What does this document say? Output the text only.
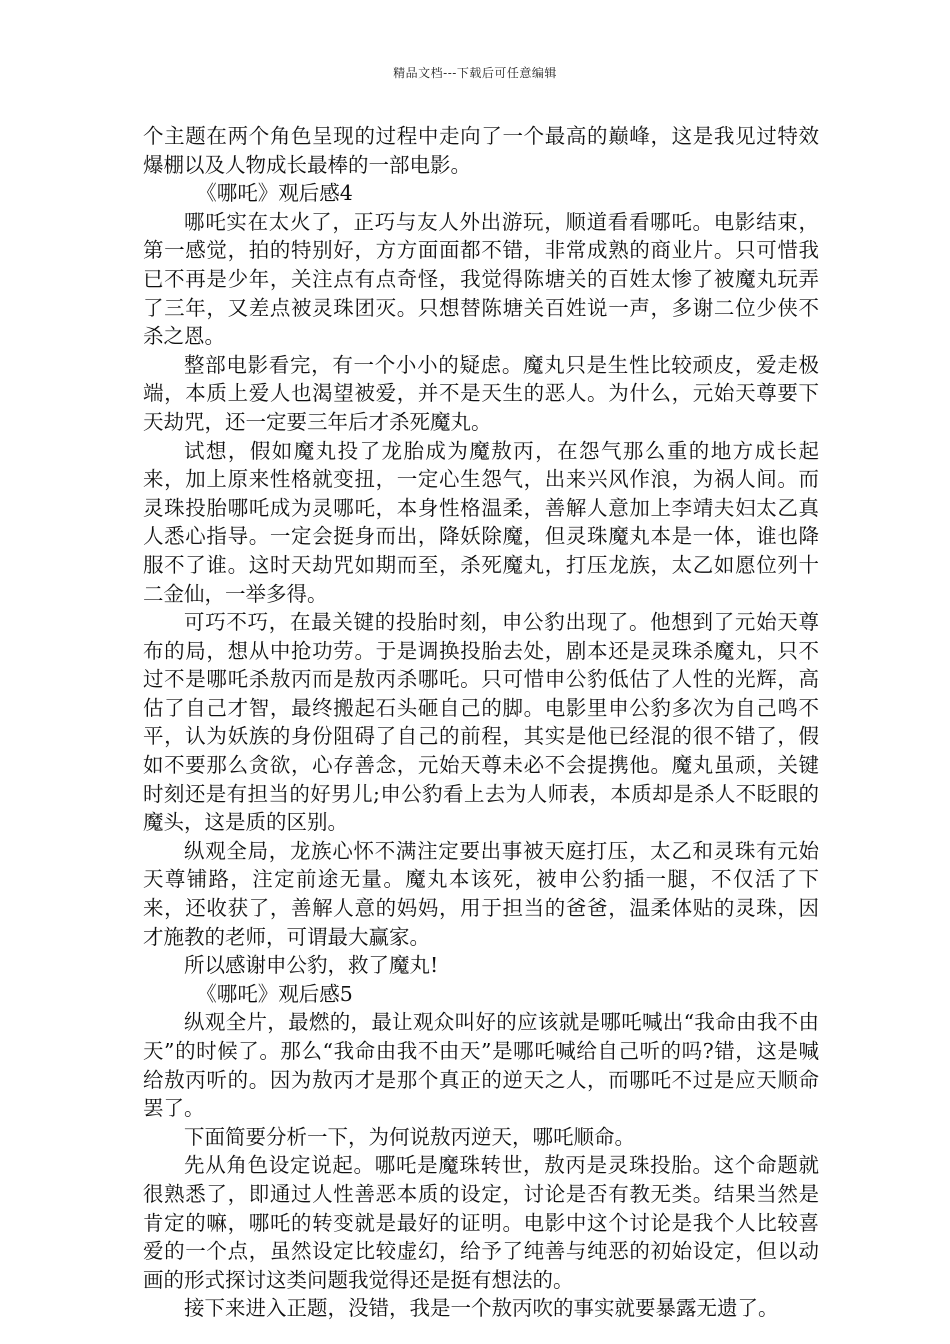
精品文档---下载后可任意编辑

个主题在两个角色呈现的过程中走向了一个最高的巅峰，这是我见过特效爆棚以及人物成长最棒的一部电影。

《哪吒》观后感4

哪吒实在太火了，正巧与友人外出游玩，顺道看看哪吒。电影结束，第一感觉，拍的特别好，方方面面都不错，非常成熟的商业片。只可惜我已不再是少年，关注点有点奇怪，我觉得陈塘关的百姓太惨了被魔丸玩弄了三年，又差点被灵珠团灭。只想替陈塘关百姓说一声，多谢二位少侠不杀之恩。

整部电影看完，有一个小小的疑虑。魔丸只是生性比较顽皮，爱走极端，本质上爱人也渴望被爱，并不是天生的恶人。为什么，元始天尊要下天劫咒，还一定要三年后才杀死魔丸。

试想，假如魔丸投了龙胎成为魔敖丙，在怨气那么重的地方成长起来，加上原来性格就变扭，一定心生怨气，出来兴风作浪，为祸人间。而灵珠投胎哪吒成为灵哪吒，本身性格温柔，善解人意加上李靖夫妇太乙真人悉心指导。一定会挺身而出，降妖除魔，但灵珠魔丸本是一体，谁也降服不了谁。这时天劫咒如期而至，杀死魔丸，打压龙族，太乙如愿位列十二金仙，一举多得。

可巧不巧，在最关键的投胎时刻，申公豹出现了。他想到了元始天尊布的局，想从中抢功劳。于是调换投胎去处，剧本还是灵珠杀魔丸，只不过不是哪吒杀敖丙而是敖丙杀哪吒。只可惜申公豹低估了人性的光辉，高估了自己才智，最终搬起石头砸自己的脚。电影里申公豹多次为自己鸣不平，认为妖族的身份阻碍了自己的前程，其实是他已经混的很不错了，假如不要那么贪欲，心存善念，元始天尊未必不会提携他。魔丸虽顽，关键时刻还是有担当的好男儿;申公豹看上去为人师表，本质却是杀人不眨眼的魔头，这是质的区别。

纵观全局，龙族心怀不满注定要出事被天庭打压，太乙和灵珠有元始天尊铺路，注定前途无量。魔丸本该死，被申公豹插一腿，不仅活了下来，还收获了，善解人意的妈妈，用于担当的爸爸，温柔体贴的灵珠，因才施教的老师，可谓最大赢家。

所以感谢申公豹，救了魔丸!

《哪吒》观后感5

纵观全片，最燃的，最让观众叫好的应该就是哪吒喊出“我命由我不由天”的时候了。那么“我命由我不由天”是哪吒喊给自己听的吗?错，这是喊给敖丙听的。因为敖丙才是那个真正的逆天之人，而哪吒不过是应天顺命罢了。

下面简要分析一下，为何说敖丙逆天，哪吒顺命。

先从角色设定说起。哪吒是魔珠转世，敖丙是灵珠投胎。这个命题就很熟悉了，即通过人性善恶本质的设定，讨论是否有教无类。结果当然是肯定的嘛，哪吒的转变就是最好的证明。电影中这个讨论是我个人比较喜爱的一个点，虽然设定比较虚幻，给予了纯善与纯恶的初始设定，但以动画的形式探讨这类问题我觉得还是挺有想法的。

接下来进入正题，没错，我是一个敖丙吹的事实就要暴露无遗了。
